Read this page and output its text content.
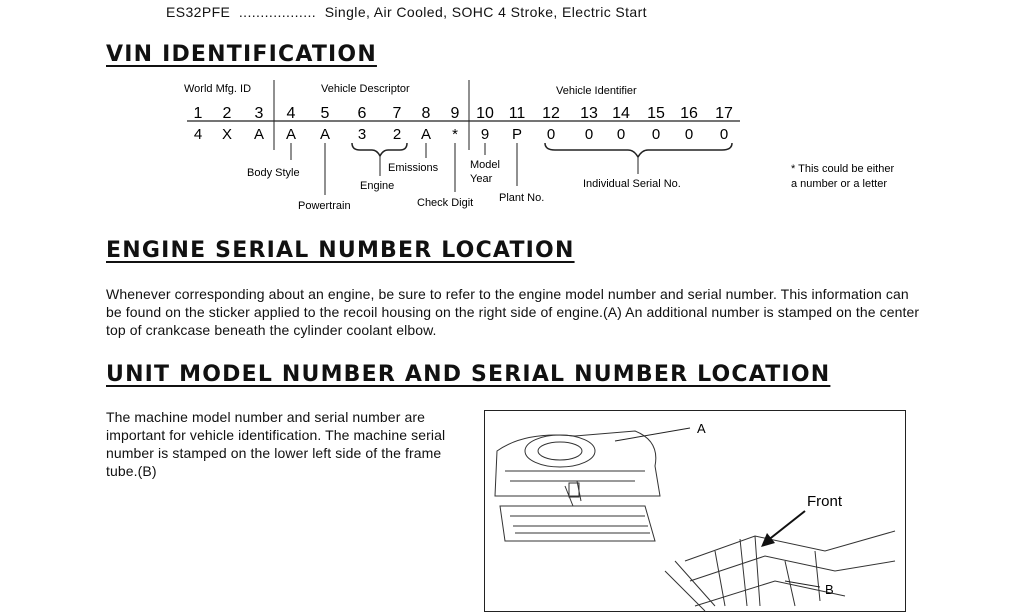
ES32PFE .................. Single, Air Cooled, SOHC 4 Stroke, Electric Start
VIN IDENTIFICATION
World Mfg. ID	Vehicle Descriptor	Vehicle Identifier
1 2 3 4 5 6 7 8 9 10 11 12 13 14 15 16 17
4 X A A A 3 2 A * 9 P 0 0 0 0 0 0
Body Style
Powertrain
Engine
Emissions
Check Digit
Model Year
Plant No.
Individual Serial No.
* This could be either a number or a letter
ENGINE SERIAL NUMBER LOCATION
Whenever corresponding about an engine, be sure to refer to the engine model number and serial number. This information can be found on the sticker applied to the recoil housing on the right side of engine.(A) An additional number is stamped on the center top of crankcase beneath the cylinder coolant elbow.
UNIT MODEL NUMBER AND SERIAL NUMBER LOCATION
The machine model number and serial number are important for vehicle identification. The machine serial number is stamped on the lower left side of the frame tube.(B)
A
Front
B
